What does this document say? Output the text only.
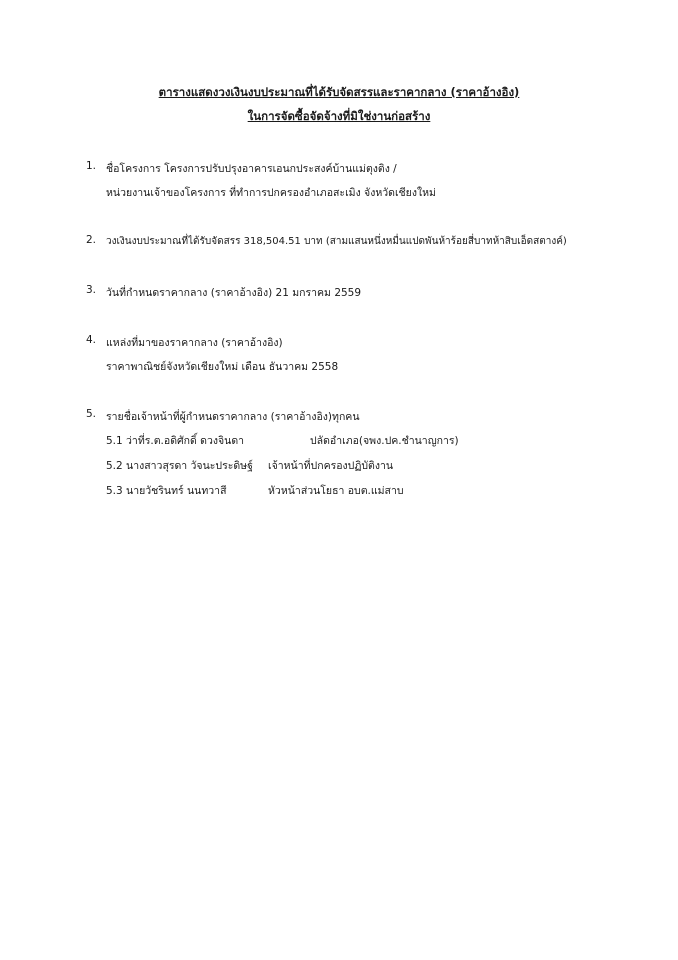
ตารางแสดงวงเงินงบประมาณที่ได้รับจัดสรรและราคากลาง (ราคาอ้างอิง)
ในการจัดซื้อจัดจ้างที่มิใช่งานก่อสร้าง
1. ชื่อโครงการ โครงการปรับปรุงอาคารเอนกประสงค์บ้านแม่ตุงติง /
หน่วยงานเจ้าของโครงการ ที่ทำการปกครองอำเภอสะเมิง จังหวัดเชียงใหม่
2. วงเงินงบประมาณที่ได้รับจัดสรร 318,504.51 บาท (สามแสนหนึ่งหมื่นแปดพันห้าร้อยสี่บาทห้าสิบเอ็ดสตางค์)
3. วันที่กำหนดราคากลาง (ราคาอ้างอิง) 21 มกราคม 2559
4. แหล่งที่มาของราคากลาง (ราคาอ้างอิง)
ราคาพาณิชย์จังหวัดเชียงใหม่ เดือน ธันวาคม 2558
5. รายชื่อเจ้าหน้าที่ผู้กำหนดราคากลาง (ราคาอ้างอิง)ทุกคน
5.1 ว่าที่ร.ต.อดิศักดิ์ ดวงจินดา	ปลัดอำเภอ(จพง.ปค.ชำนาญการ)
5.2 นางสาวสุรดา วัจนะประดิษฐ์ เจ้าหน้าที่ปกครองปฏิบัติงาน
5.3 นายวัชรินทร์ นนทวาสี	หัวหน้าส่วนโยธา อบต.แม่สาบ
